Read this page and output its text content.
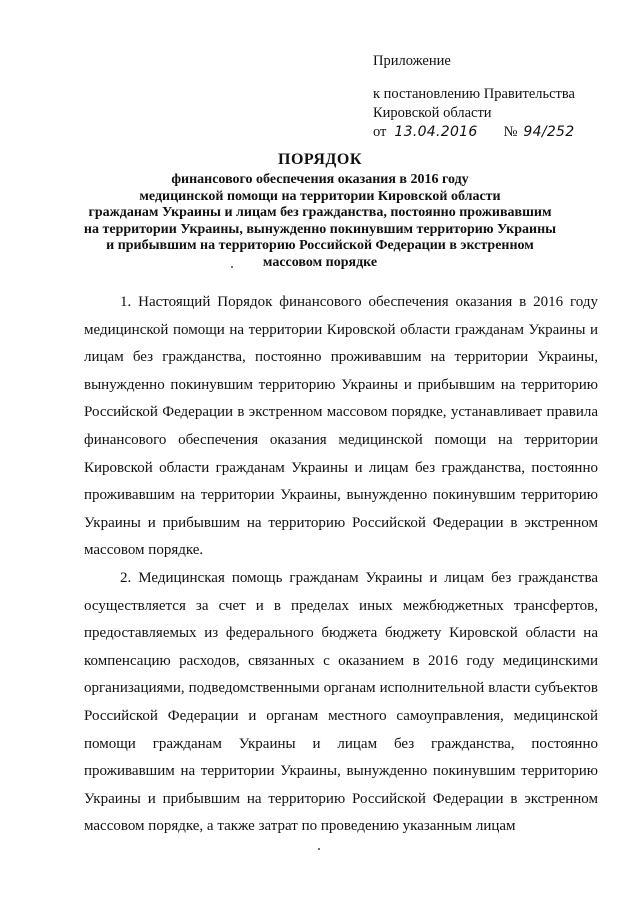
Приложение
к постановлению Правительства
Кировской области
от 13.04.2016 № 94/252
ПОРЯДОК
финансового обеспечения оказания в 2016 году
медицинской помощи на территории Кировской области
гражданам Украины и лицам без гражданства, постоянно проживавшим
на территории Украины, вынужденно покинувшим территорию Украины
и прибывшим на территорию Российской Федерации в экстренном
массовом порядке

1. Настоящий Порядок финансового обеспечения оказания в 2016 году медицинской помощи на территории Кировской области гражданам Украины и лицам без гражданства, постоянно проживавшим на территории Украины, вынужденно покинувшим территорию Украины и прибывшим на территорию Российской Федерации в экстренном массовом порядке, устанавливает правила финансового обеспечения оказания медицинской помощи на территории Кировской области гражданам Украины и лицам без гражданства, постоянно проживавшим на территории Украины, вынужденно покинувшим территорию Украины и прибывшим на территорию Российской Федерации в экстренном массовом порядке.

2. Медицинская помощь гражданам Украины и лицам без гражданства осуществляется за счет и в пределах иных межбюджетных трансфертов, предоставляемых из федерального бюджета бюджету Кировской области на компенсацию расходов, связанных с оказанием в 2016 году медицинскими организациями, подведомственными органам исполнительной власти субъектов Российской Федерации и органам местного самоуправления, медицинской помощи гражданам Украины и лицам без гражданства, постоянно проживавшим на территории Украины, вынужденно покинувшим территорию Украины и прибывшим на территорию Российской Федерации в экстренном массовом порядке, а также затрат по проведению указанным лицам
